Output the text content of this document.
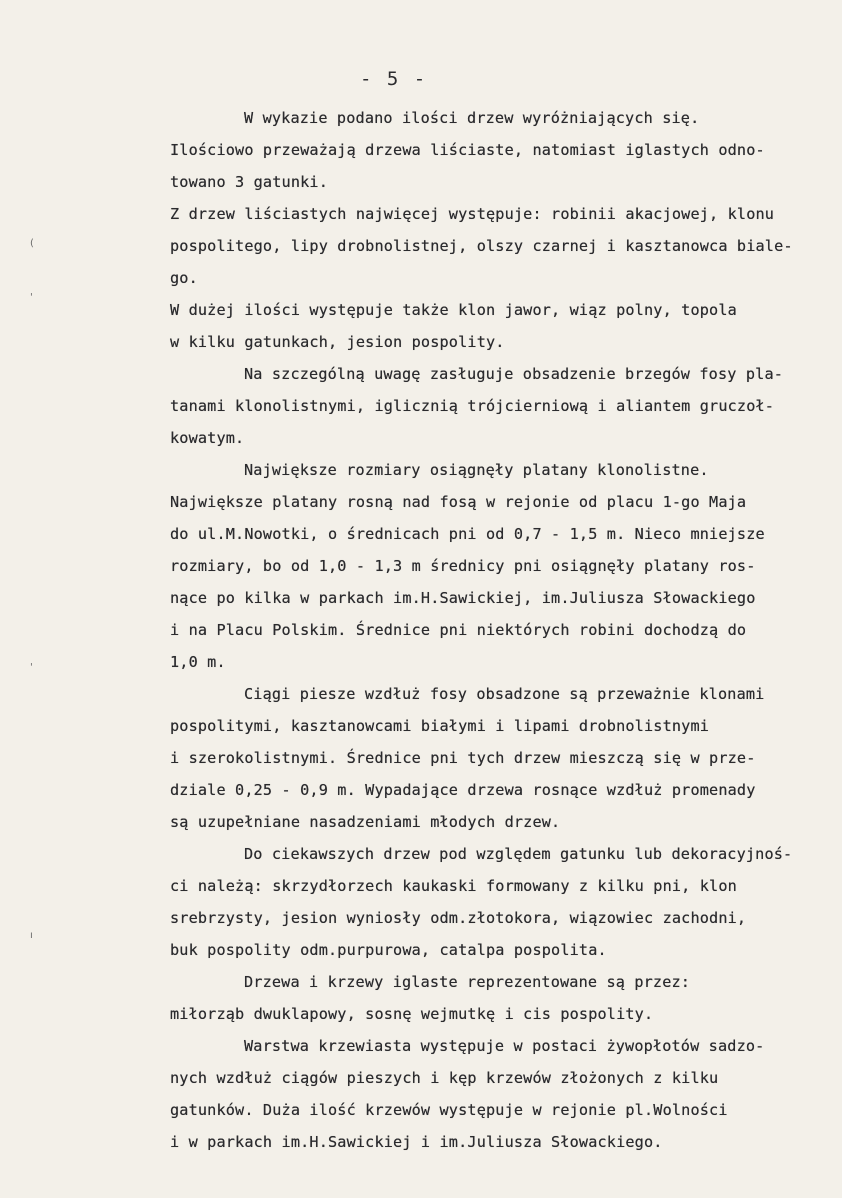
- 5 -
W wykazie podano ilości drzew wyróżniających się.
Ilościowo przeważają drzewa liściaste, natomiast iglastych odno-
towano 3 gatunki.
Z drzew liściastych najwięcej występuje: robinii akacjowej, klonu
pospolitego, lipy drobnolistnej, olszy czarnej i kasztanowca biale-
go.
W dużej ilości występuje także klon jawor, wiąz polny, topola
w kilku gatunkach, jesion pospolity.
Na szczególną uwagę zasługuje obsadzenie brzegów fosy pla-
tanami klonolistnymi, iglicznią trójcierniową i aliantem gruczoł-
kowatym.
Największe rozmiary osiągnęły platany klonolistne.
Największe platany rosną nad fosą w rejonie od placu 1-go Maja
do ul.M.Nowotki, o średnicach pni od 0,7 - 1,5 m. Nieco mniejsze
rozmiary, bo od 1,0 - 1,3 m średnicy pni osiągnęły platany ros-
nące po kilka w parkach im.H.Sawickiej, im.Juliusza Słowackiego
i na Placu Polskim. Średnice pni niektórych robini dochodzą do
1,0 m.
Ciągi piesze wzdłuż fosy obsadzone są przeważnie klonami
pospolitymi, kasztanowcami białymi i lipami drobnolistnymi
i szerokolistnymi. Średnice pni tych drzew mieszczą się w prze-
dziale 0,25 - 0,9 m. Wypadające drzewa rosnące wzdłuż promenady
są uzupełniane nasadzeniami młodych drzew.
Do ciekawszych drzew pod względem gatunku lub dekoracyjnoś-
ci należą: skrzydłorzech kaukaski formowany z kilku pni, klon
srebrzysty, jesion wyniosły odm.złotokora, wiązowiec zachodni,
buk pospolity odm.purpurowa, catalpa pospolita.
Drzewa i krzewy iglaste reprezentowane są przez:
miłorząb dwuklapowy, sosnę wejmutkę i cis pospolity.
Warstwa krzewiasta występuje w postaci żywopłotów sadzo-
nych wzdłuż ciągów pieszych i kęp krzewów złożonych z kilku
gatunków. Duża ilość krzewów występuje w rejonie pl.Wolności
i w parkach im.H.Sawickiej i im.Juliusza Słowackiego.
(
'
'
ı
